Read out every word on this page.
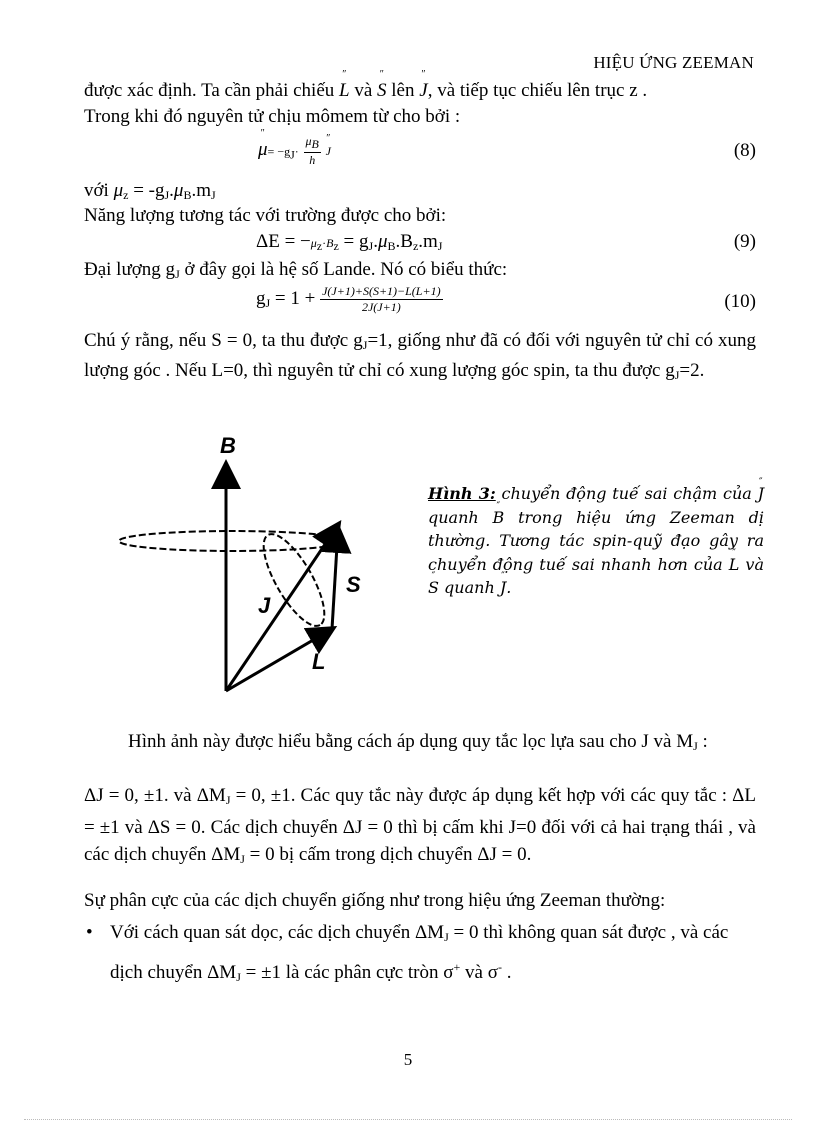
HIỆU ỨNG ZEEMAN
được xác định. Ta cần phải chiếu ″ L và ″ S lên ″ J, và tiếp tục chiếu lên trục z .
Trong khi đó nguyên tử chịu mômem từ cho bởi :
″ $\mu= -g_J\cdot \frac{\mu B}{h}$ ″ J	(8)
với $\mu_z = -g_J.\mu_B.m_J$
Năng lượng tương tác với trường được cho bởi:
$\Delta E = -\mu_z\cdot B_z = g_J.\mu_B.B_z.m_J$	(9)
Đại lượng $g_J$ ở đây gọi là hệ số Lande. Nó có biểu thức:
$g_J = 1 + \frac{J(J+1)+S(S+1)-L(L+1)}{2J(J+1)}$	(10)
Chú ý rằng, nếu S = 0, ta thu được $g_J=1$, giống như đã có đối với nguyên tử chỉ có xung lượng góc . Nếu L=0, thì nguyên tử chỉ có xung lượng góc spin, ta thu được $g_J=2$.
B
S
J
L
Hình 3: chuyển động tuế sai chậm của ″ J quanh ″ B trong hiệu ứng Zeeman dị thường. Tương tác spin-quỹ đạo gây ra chuyển động tuế sai nhanh hơn của ″ L và ″ S quanh ″ J.
Hình ảnh này được hiểu bằng cách áp dụng quy tắc lọc lựa sau cho J và $M_J$ :
ΔJ = 0, ±1. và $\Delta M_J = 0$, ±1. Các quy tắc này được áp dụng kết hợp với các quy tắc : ΔL = ±1 và ΔS = 0. Các dịch chuyển ΔJ = 0 thì bị cấm khi J=0 đối với cả hai trạng thái , và các dịch chuyển $\Delta M_J = 0$ bị cấm trong dịch chuyển ΔJ = 0.
Sự phân cực của các dịch chuyển giống như trong hiệu ứng Zeeman thường:
• Với cách quan sát dọc, các dịch chuyển $\Delta M_J = 0$ thì không quan sát được , và các dịch chuyển $\Delta M_J = \pm 1$ là các phân cực tròn σ+ và σ- .
5
